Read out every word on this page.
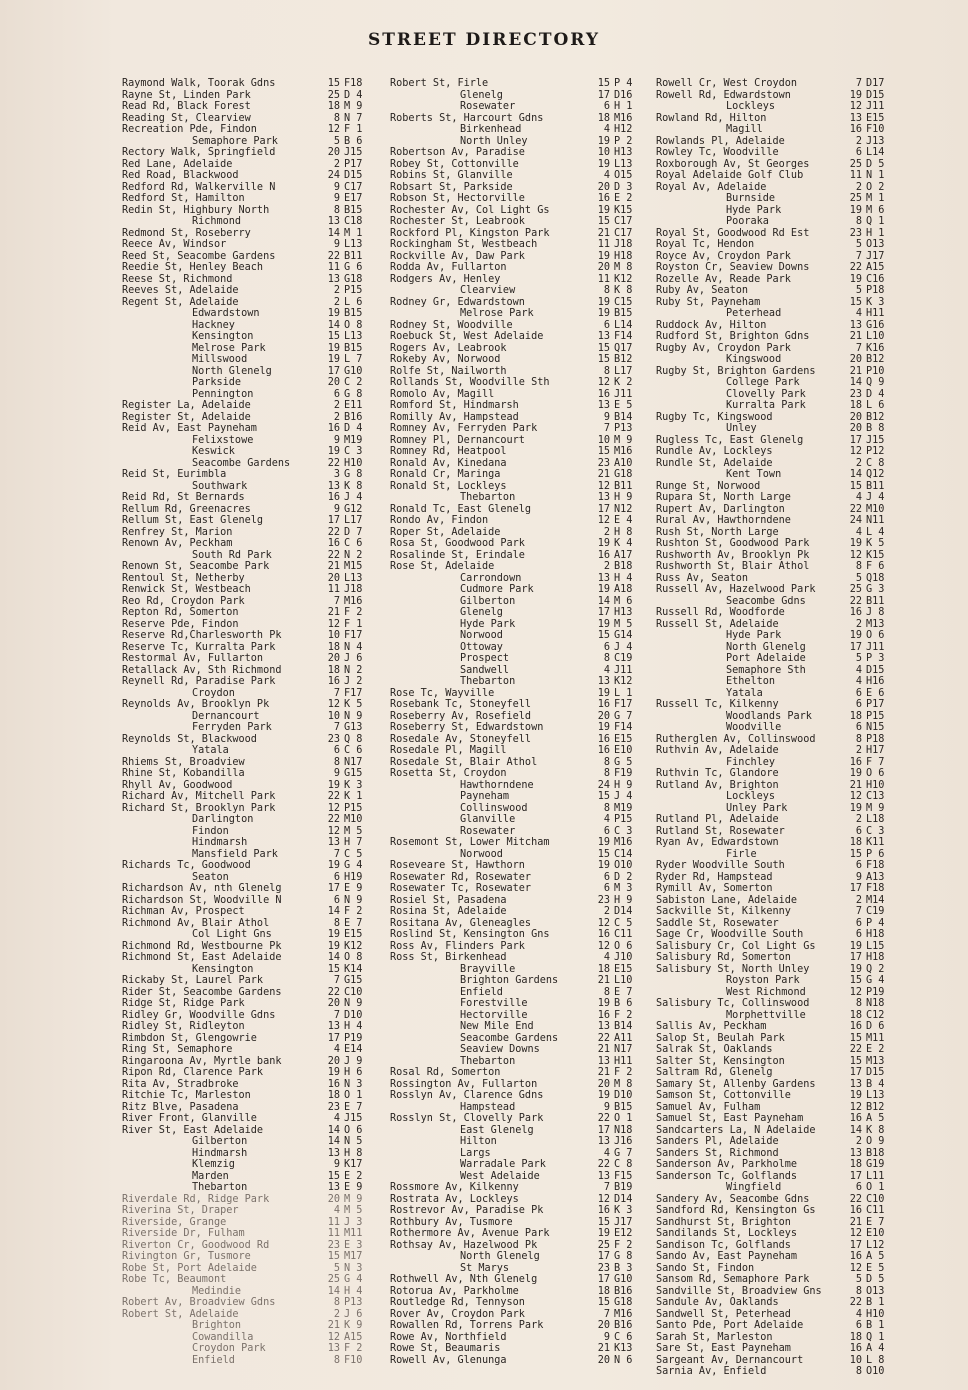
STREET DIRECTORY
Raymond Walk, Toorak Gdns	15 F18
Rayne St, Linden Park	25 D 4
Read Rd, Black Forest	18 M 9
Reading St, Clearview	8 N 7
Recreation Pde, Findon	12 F 1
Semaphore Park	5 B 6
Rectory Walk, Springfield	20 J15
Red Lane, Adelaide	2 P17
Red Road, Blackwood	24 D15
Redford Rd, Walkerville N	9 C17
Redford St, Hamilton	9 E17
Redin St, Highbury North	8 B15
Richmond	13 C18
Redmond St, Roseberry	14 M 1
Reece Av, Windsor	9 L13
Reed St, Seacombe Gardens	22 B11
Reedie St, Henley Beach	11 G 6
Reese St, Richmond	13 G18
Reeves St, Adelaide	2 P15
Regent St, Adelaide	2 L 6
Edwardstown	19 B15
Hackney	14 O 8
Kensington	15 L13
Melrose Park	19 B15
Millswood	19 L 7
North Glenelg	17 G10
Parkside	20 C 2
Pennington	6 G 8
Register La, Adelaide	2 E11
Register St, Adelaide	2 B16
Reid Av, East Payneham	16 D 4
Felixstowe	9 M19
Keswick	19 C 3
Seacombe Gardens	22 H10
Reid St, Eurimbla	3 G 8
Southwark	13 K 8
Reid Rd, St Bernards	16 J 4
Rellum Rd, Greenacres	9 G12
Rellum St, East Glenelg	17 L17
Renfrey St, Marion	22 D 7
Renown Av, Peckham	16 C 6
South Rd Park	22 N 2
Renown St, Seacombe Park	21 M15
Rentoul St, Netherby	20 L13
Renwick St, Westbeach	11 J18
Reo Rd, Croydon Park	7 M16
Repton Rd, Somerton	21 F 2
Reserve Pde, Findon	12 F 1
Reserve Rd,Charlesworth Pk	10 F17
Reserve Tc, Kurralta Park	18 N 4
Restormal Av, Fullarton	20 J 6
Retallack Av, Sth Richmond	18 N 2
Reynell Rd, Paradise Park	16 J 2
Croydon	7 F17
Reynolds Av, Brooklyn Pk	12 K 5
Dernancourt	10 N 9
Ferryden Park	7 G13
Reynolds St, Blackwood	23 Q 8
Yatala	6 C 6
Rhiems St, Broadview	8 N17
Rhine St, Kobandilla	9 G15
Rhyll Av, Goodwood	19 K 3
Richard Av, Mitchell Park	22 K 1
Richard St, Brooklyn Park	12 P15
Darlington	22 M10
Findon	12 M 5
Hindmarsh	13 H 7
Mansfield Park	7 C 5
Richards Tc, Goodwood	19 G 4
Seaton	6 H19
Richardson Av, nth Glenelg	17 E 9
Richardson St, Woodville N	6 N 9
Richman Av, Prospect	14 F 2
Richmond Av, Blair Athol	8 E 7
Col Light Gns	19 E15
Richmond Rd, Westbourne Pk	19 K12
Richmond St, East Adelaide	14 O 8
Kensington	15 K14
Rickaby St, Laurel Park	7 G15
Rider St, Seacombe Gardens	22 C10
Ridge St, Ridge Park	20 N 9
Ridley Gr, Woodville Gdns	7 D10
Ridley St, Ridleyton	13 H 4
Rimbdon St, Glengowrie	17 P19
Ring St, Semaphore	4 E14
Ringaroona Av, Myrtle bank	20 J 9
Ripon Rd, Clarence Park	19 H 6
Rita Av, Stradbroke	16 N 3
Ritchie Tc, Marleston	18 O 1
Ritz Blve, Pasadena	23 E 7
River Front, Glanville	4 J15
River St, East Adelaide	14 O 6
Gilberton	14 N 5
Hindmarsh	13 H 8
Klemzig	9 K17
Marden	15 E 2
Thebarton	13 E 9
Riverdale Rd, Ridge Park	20 M 9
Riverina St, Draper	4 M 5
Riverside, Grange	11 J 3
Riverside Dr, Fulham	11 M11
Riverton Cr, Goodwood Rd	23 E 3
Rivington Gr, Tusmore	15 M17
Robe St, Port Adelaide	5 N 3
Robe Tc, Beaumont	25 G 4
Medindie	14 H 4
Robert Av, Broadview Gdns	8 P13
Robert St, Adelaide	2 J 6
Brighton	21 K 9
Cowandilla	12 A15
Croydon Park	13 F 2
Enfield	8 F10
Robert St, Firle	15 P 4
Glenelg	17 D16
Rosewater	6 H 1
Roberts St, Harcourt Gdns	18 M16
Birkenhead	4 H12
North Unley	19 P 2
Robertson Av, Paradise	10 H13
Robey St, Cottonville	19 L13
Robins St, Glanville	4 O15
Robsart St, Parkside	20 D 3
Robson St, Hectorville	16 E 2
Rochester Av, Col Light Gs	19 K15
Rochester St, Leabrook	15 C17
Rockford Pl, Kingston Park	21 C17
Rockingham St, Westbeach	11 J18
Rockville Av, Daw Park	19 H18
Rodda Av, Fullarton	20 M 8
Rodgers Av, Henley	11 K12
Clearview	8 K 8
Rodney Gr, Edwardstown	19 C15
Melrose Park	19 B15
Rodney St, Woodville	6 L14
Roebuck St, West Adelaide	13 F14
Rogers Av, Leabrook	15 Q17
Rokeby Av, Norwood	15 B12
Rolfe St, Nailworth	8 L17
Rollands St, Woodville Sth	12 K 2
Romolo Av, Magill	16 J11
Romford St, Hindmarsh	13 E 5
Romilly Av, Hampstead	9 B14
Romney Av, Ferryden Park	7 P13
Romney Pl, Dernancourt	10 M 9
Romney Rd, Heatpool	15 M16
Ronald Av, Kinedana	23 A10
Ronald Cr, Maringa	21 G18
Ronald St, Lockleys	12 B11
Thebarton	13 H 9
Ronald Tc, East Glenelg	17 N12
Rondo Av, Findon	12 E 4
Roper St, Adelaide	2 H 8
Rosa St, Goodwood Park	19 K 4
Rosalinde St, Erindale	16 A17
Rose St, Adelaide	2 B18
Carrondown	13 H 4
Cudmore Park	19 A18
Gilberton	14 M 6
Glenelg	17 H13
Hyde Park	19 M 5
Norwood	15 G14
Ottoway	6 J 4
Prospect	8 C19
Sandwell	4 J11
Thebarton	13 K12
Rose Tc, Wayville	19 L 1
Rosebank Tc, Stoneyfell	16 F17
Roseberry Av, Rosefield	20 G 7
Roseberry St, Edwardstown	19 F14
Rosedale Av, Stoneyfell	16 E15
Rosedale Pl, Magill	16 E10
Rosedale St, Blair Athol	8 G 5
Rosetta St, Croydon	8 F19
Hawthorndene	24 H 9
Payneham	15 J 4
Collinswood	8 M19
Glanville	4 P15
Rosewater	6 C 3
Rosemont St, Lower Mitcham	19 M16
Norwood	15 C14
Roseveare St, Hawthorn	19 O10
Rosewater Rd, Rosewater	6 D 2
Rosewater Tc, Rosewater	6 M 3
Rosiel St, Pasadena	23 H 9
Rosina St, Adelaide	2 D14
Rositana Av, Gleneagles	12 C 5
Roslind St, Kensington Gns	16 C11
Ross Av, Flinders Park	12 O 6
Ross St, Birkenhead	4 J10
Brayville	18 E15
Brighton Gardens	21 L10
Enfield	8 E 7
Forestville	19 B 6
Hectorville	16 F 2
New Mile End	13 B14
Seacombe Gardens	22 A11
Seaview Downs	21 N17
Thebarton	13 H11
Rosal Rd, Somerton	21 F 2
Rossington Av, Fullarton	20 M 8
Rosslyn Av, Clarence Gdns	19 D10
Hampstead	9 B15
Rosslyn St, Clovelly Park	22 O 1
East Glenelg	17 N18
Hilton	13 J16
Largs	4 G 7
Warradale Park	22 C 8
West Adelaide	13 F15
Rossmore Av, Kilkenny	7 B19
Rostrata Av, Lockleys	12 D14
Rostrevor Av, Paradise Pk	16 K 3
Rothbury Av, Tusmore	15 J17
Rothermore Av, Avenue Park	19 E12
Rothsay Av, Hazelwood Pk	25 F 2
North Glenelg	17 G 8
St Marys	23 B 3
Rothwell Av, Nth Glenelg	17 G10
Rotorua Av, Parkholme	18 B16
Routledge Rd, Tennyson	15 G18
Rover Av, Croydon Park	7 M16
Rowallen Rd, Torrens Park	20 B16
Rowe Av, Northfield	9 C 6
Rowe St, Beaumaris	21 K13
Rowell Av, Glenunga	20 N 6
Rowell Cr, West Croydon	7 D17
Rowell Rd, Edwardstown	19 D15
Lockleys	12 J11
Rowland Rd, Hilton	13 E15
Magill	16 F10
Rowlands Pl, Adelaide	2 J13
Rowley Tc, Woodville	6 L14
Roxborough Av, St Georges	25 D 5
Royal Adelaide Golf Club	11 N 1
Royal Av, Adelaide	2 O 2
Burnside	25 M 1
Hyde Park	19 M 6
Pooraka	8 Q 1
Royal St, Goodwood Rd Est	23 H 1
Royal Tc, Hendon	5 O13
Royce Av, Croydon Park	7 J17
Royston Cr, Seaview Downs	22 A15
Rozelle Av, Reade Park	19 C16
Ruby Av, Seaton	5 P18
Ruby St, Payneham	15 K 3
Peterhead	4 H11
Ruddock Av, Hilton	13 G16
Rudford St, Brighton Gdns	21 L10
Rugby Av, Croydon Park	7 K16
Kingswood	20 B12
Rugby St, Brighton Gardens	21 P10
College Park	14 Q 9
Clovelly Park	23 D 4
Kurralta Park	18 L 6
Rugby Tc, Kingswood	20 B12
Unley	20 B 8
Rugless Tc, East Glenelg	17 J15
Rundle Av, Lockleys	12 P12
Rundle St, Adelaide	2 C 8
Kent Town	14 Q12
Runge St, Norwood	15 B11
Rupara St, North Large	4 J 4
Rupert Av, Darlington	22 M10
Rural Av, Hawthorndene	24 N11
Rush St, North Large	4 L 4
Rushton St, Goodwood Park	19 K 5
Rushworth Av, Brooklyn Pk	12 K15
Rushworth St, Blair Athol	8 F 6
Russ Av, Seaton	5 Q18
Russell Av, Hazelwood Park	25 G 3
Seacombe Gdns	22 B11
Russell Rd, Woodforde	16 J 8
Russell St, Adelaide	2 M13
Hyde Park	19 O 6
North Glenelg	17 J11
Port Adelaide	5 P 3
Semaphore Sth	4 D15
Ethelton	4 H16
Yatala	6 E 6
Russell Tc, Kilkenny	6 P17
Woodlands Park	18 P15
Woodville	6 N15
Rutherglen Av, Collinswood	8 P18
Ruthvin Av, Adelaide	2 H17
Finchley	16 F 7
Ruthvin Tc, Glandore	19 O 6
Rutland Av, Brighton	21 H10
Lockleys	12 C13
Unley Park	19 M 9
Rutland Pl, Adelaide	2 L18
Rutland St, Rosewater	6 C 3
Ryan Av, Edwardstown	18 K11
Firle	15 P 6
Ryder Woodville South	6 F18
Ryder Rd, Hampstead	9 A13
Rymill Av, Somerton	17 F18
Sabiston Lane, Adelaide	2 M14
Sackville St, Kilkenny	7 C19
Saddle St, Rosewater	6 P 4
Sage Cr, Woodville South	6 H18
Salisbury Cr, Col Light Gs	19 L15
Salisbury Rd, Somerton	17 H18
Salisbury St, North Unley	19 Q 2
Royston Park	15 G 4
West Richmond	12 P19
Salisbury Tc, Collinswood	8 N18
Morphettville	18 C12
Sallis Av, Peckham	16 D 6
Salop St, Beulah Park	15 M11
Salrak St, Oaklands	22 E 2
Salter St, Kensington	15 M13
Saltram Rd, Glenelg	17 D15
Samary St, Allenby Gardens	13 B 4
Samson St, Cottonville	19 L13
Samuel Av, Fulham	12 B12
Samuel St, East Payneham	16 A 5
Sandcarters La, N Adelaide	14 K 8
Sanders Pl, Adelaide	2 O 9
Sanders St, Richmond	13 B18
Sanderson Av, Parkholme	18 G19
Sanderson Tc, Golflands	17 L11
Wingfield	6 O 1
Sandery Av, Seacombe Gdns	22 C10
Sandford Rd, Kensington Gs	16 C11
Sandhurst St, Brighton	21 E 7
Sandilands St, Lockleys	12 E10
Sandison Tc, Golflands	17 L12
Sando Av, East Payneham	16 A 5
Sando St, Findon	12 E 5
Sansom Rd, Semaphore Park	5 D 5
Sandville St, Broadview Gns	8 O13
Sandule Av, Oaklands	22 B 1
Sandwell St, Peterhead	4 H10
Santo Pde, Port Adelaide	6 B 1
Sarah St, Marleston	18 Q 1
Sare St, East Payneham	16 A 4
Sargeant Av, Dernancourt	10 L 8
Sarnia Av, Enfield	8 O10
